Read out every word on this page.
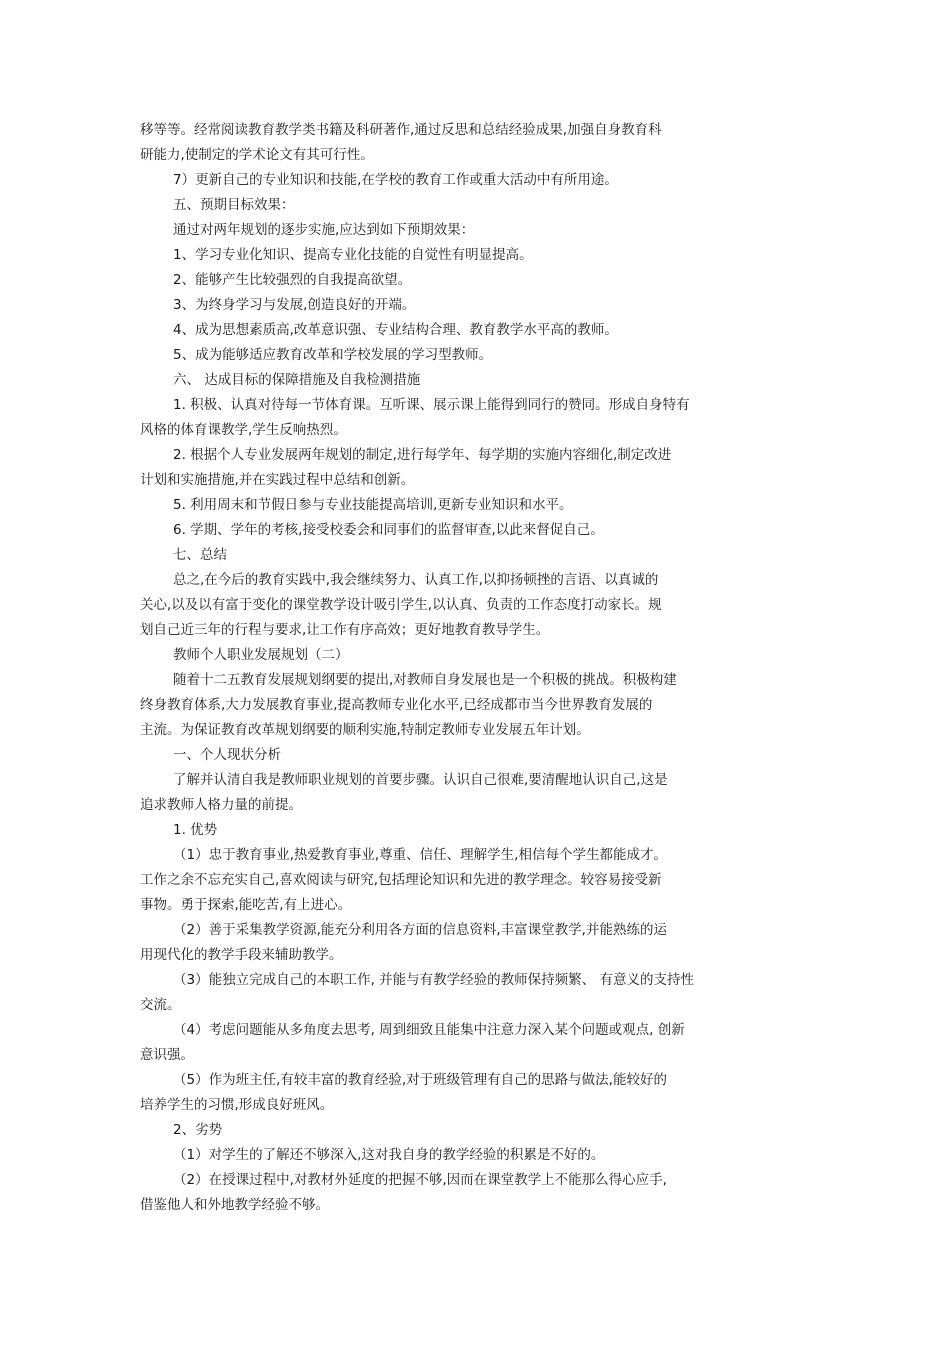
移等等。经常阅读教育教学类书籍及科研著作,通过反思和总结经验成果,加强自身教育科
研能力,使制定的学术论文有其可行性。
7）更新自己的专业知识和技能,在学校的教育工作或重大活动中有所用途。
五、预期目标效果：
通过对两年规划的逐步实施,应达到如下预期效果：
1、学习专业化知识、提高专业化技能的自觉性有明显提高。
2、能够产生比较强烈的自我提高欲望。
3、为终身学习与发展,创造良好的开端。
4、成为思想素质高,改革意识强、专业结构合理、教育教学水平高的教师。
5、成为能够适应教育改革和学校发展的学习型教师。
六、 达成目标的保障措施及自我检测措施
1. 积极、认真对待每一节体育课。互听课、展示课上能得到同行的赞同。形成自身特有
风格的体育课教学,学生反响热烈。
2. 根据个人专业发展两年规划的制定,进行每学年、每学期的实施内容细化,制定改进
计划和实施措施,并在实践过程中总结和创新。
5. 利用周末和节假日参与专业技能提高培训,更新专业知识和水平。
6. 学期、学年的考核,接受校委会和同事们的监督审查,以此来督促自己。
七、总结
总之,在今后的教育实践中,我会继续努力、认真工作,以抑扬顿挫的言语、以真诚的
关心,以及以有富于变化的课堂教学设计吸引学生,以认真、负责的工作态度打动家长。规
划自己近三年的行程与要求,让工作有序高效；更好地教育教导学生。
教师个人职业发展规划（二）
随着十二五教育发展规划纲要的提出,对教师自身发展也是一个积极的挑战。积极构建
终身教育体系,大力发展教育事业,提高教师专业化水平,已经成都市当今世界教育发展的
主流。为保证教育改革规划纲要的顺利实施,特制定教师专业发展五年计划。
一、个人现状分析
了解并认清自我是教师职业规划的首要步骤。认识自己很难,要清醒地认识自己,这是
追求教师人格力量的前提。
1. 优势
（1）忠于教育事业,热爱教育事业,尊重、信任、理解学生,相信每个学生都能成才。
工作之余不忘充实自己,喜欢阅读与研究,包括理论知识和先进的教学理念。较容易接受新
事物。勇于探索,能吃苦,有上进心。
（2）善于采集教学资源,能充分利用各方面的信息资料,丰富课堂教学,并能熟练的运
用现代化的教学手段来辅助教学。
（3）能独立完成自己的本职工作, 并能与有教学经验的教师保持频繁、 有意义的支持性
交流。
（4）考虑问题能从多角度去思考, 周到细致且能集中注意力深入某个问题或观点, 创新
意识强。
（5）作为班主任,有较丰富的教育经验,对于班级管理有自己的思路与做法,能较好的
培养学生的习惯,形成良好班风。
2、劣势
（1）对学生的了解还不够深入,这对我自身的教学经验的积累是不好的。
（2）在授课过程中,对教材外延度的把握不够,因而在课堂教学上不能那么得心应手,
借鉴他人和外地教学经验不够。
